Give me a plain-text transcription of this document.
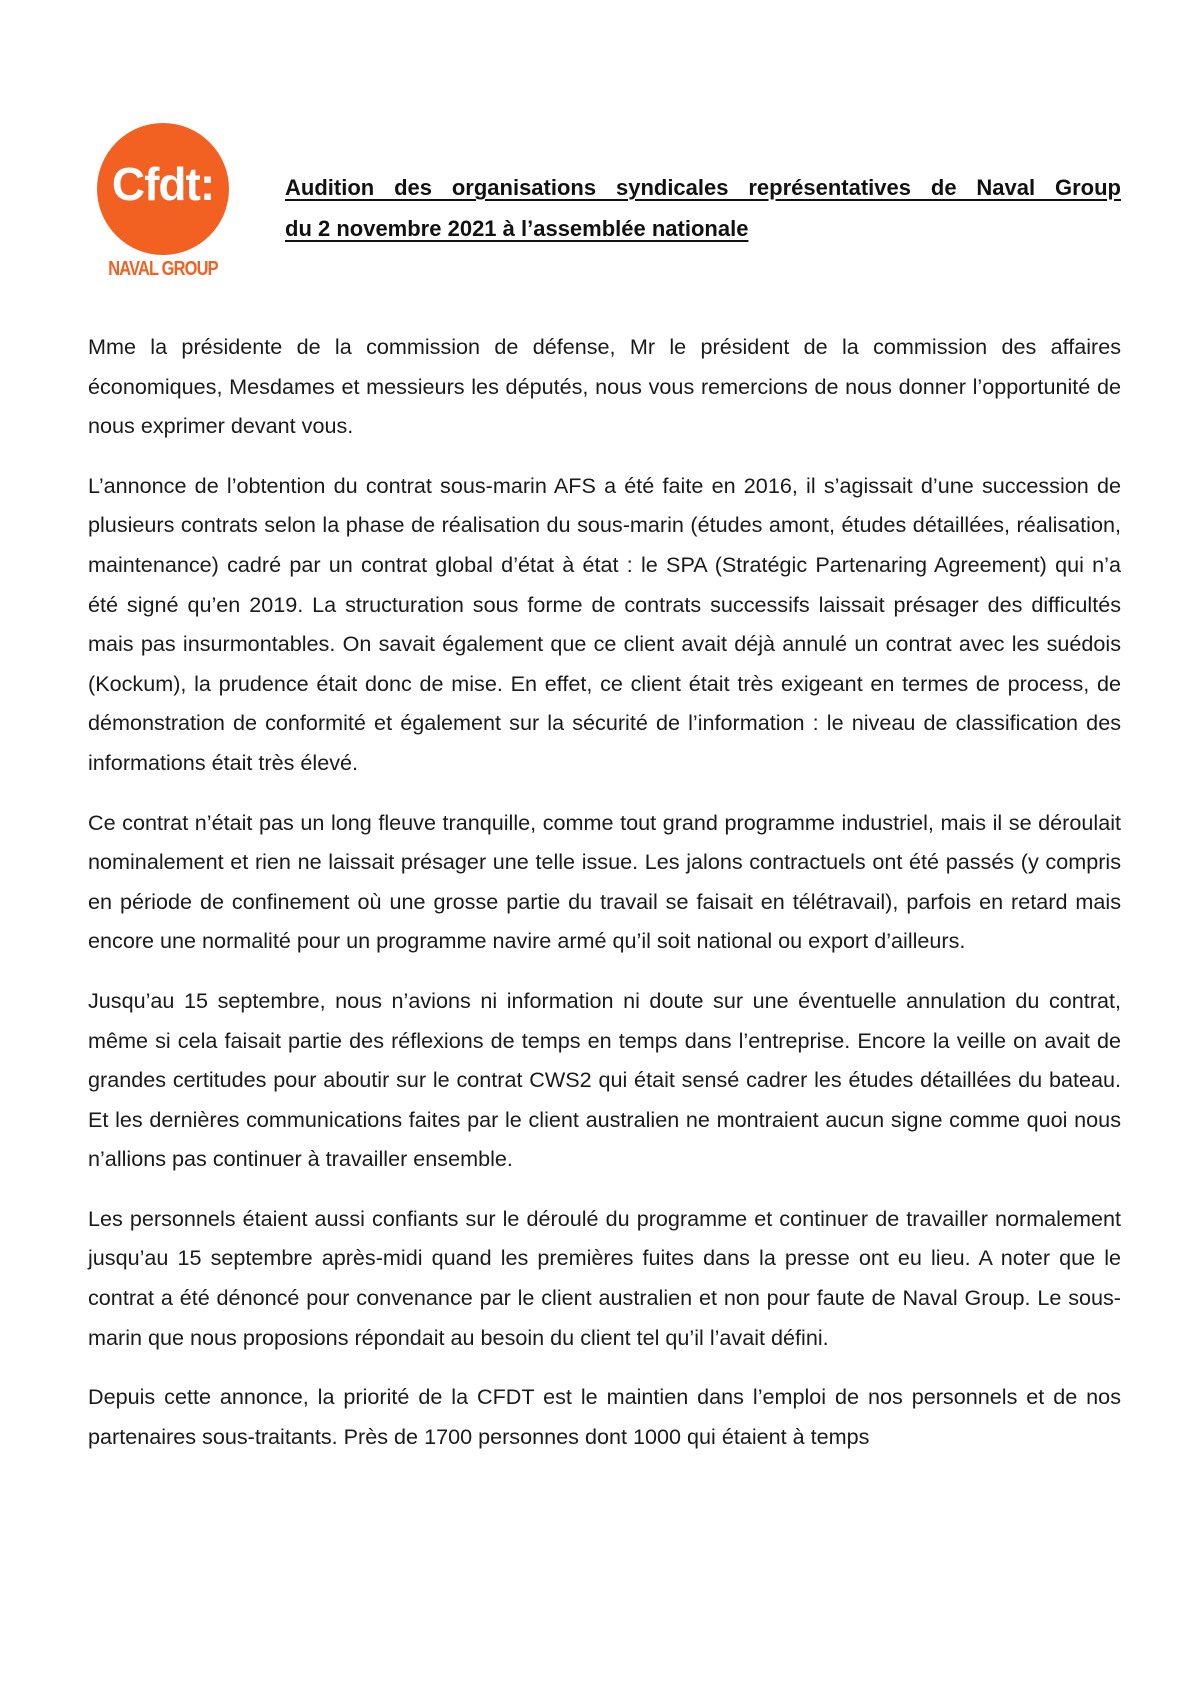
Cfdt:
NAVAL GROUP
Audition des organisations syndicales représentatives de Naval Group
du 2 novembre 2021 à l’assemblée nationale

Mme la présidente de la commission de défense, Mr le président de la commission des affaires économiques, Mesdames et messieurs les députés, nous vous remercions de nous donner l’opportunité de nous exprimer devant vous.

L’annonce de l’obtention du contrat sous-marin AFS a été faite en 2016, il s’agissait d’une succession de plusieurs contrats selon la phase de réalisation du sous-marin (études amont, études détaillées, réalisation, maintenance) cadré par un contrat global d’état à état : le SPA (Stratégic Partenaring Agreement) qui n’a été signé qu’en 2019. La structuration sous forme de contrats successifs laissait présager des difficultés mais pas insurmontables. On savait également que ce client avait déjà annulé un contrat avec les suédois (Kockum), la prudence était donc de mise. En effet, ce client était très exigeant en termes de process, de démonstration de conformité et également sur la sécurité de l’information : le niveau de classification des informations était très élevé.

Ce contrat n’était pas un long fleuve tranquille, comme tout grand programme industriel, mais il se déroulait nominalement et rien ne laissait présager une telle issue. Les jalons contractuels ont été passés (y compris en période de confinement où une grosse partie du travail se faisait en télétravail), parfois en retard mais encore une normalité pour un programme navire armé qu’il soit national ou export d’ailleurs.

Jusqu’au 15 septembre, nous n’avions ni information ni doute sur une éventuelle annulation du contrat, même si cela faisait partie des réflexions de temps en temps dans l’entreprise. Encore la veille on avait de grandes certitudes pour aboutir sur le contrat CWS2 qui était sensé cadrer les études détaillées du bateau. Et les dernières communications faites par le client australien ne montraient aucun signe comme quoi nous n’allions pas continuer à travailler ensemble.

Les personnels étaient aussi confiants sur le déroulé du programme et continuer de travailler normalement jusqu’au 15 septembre après-midi quand les premières fuites dans la presse ont eu lieu. A noter que le contrat a été dénoncé pour convenance par le client australien et non pour faute de Naval Group. Le sous-marin que nous proposions répondait au besoin du client tel qu’il l’avait défini.

Depuis cette annonce, la priorité de la CFDT est le maintien dans l’emploi de nos personnels et de nos partenaires sous-traitants. Près de 1700 personnes dont 1000 qui étaient à temps
